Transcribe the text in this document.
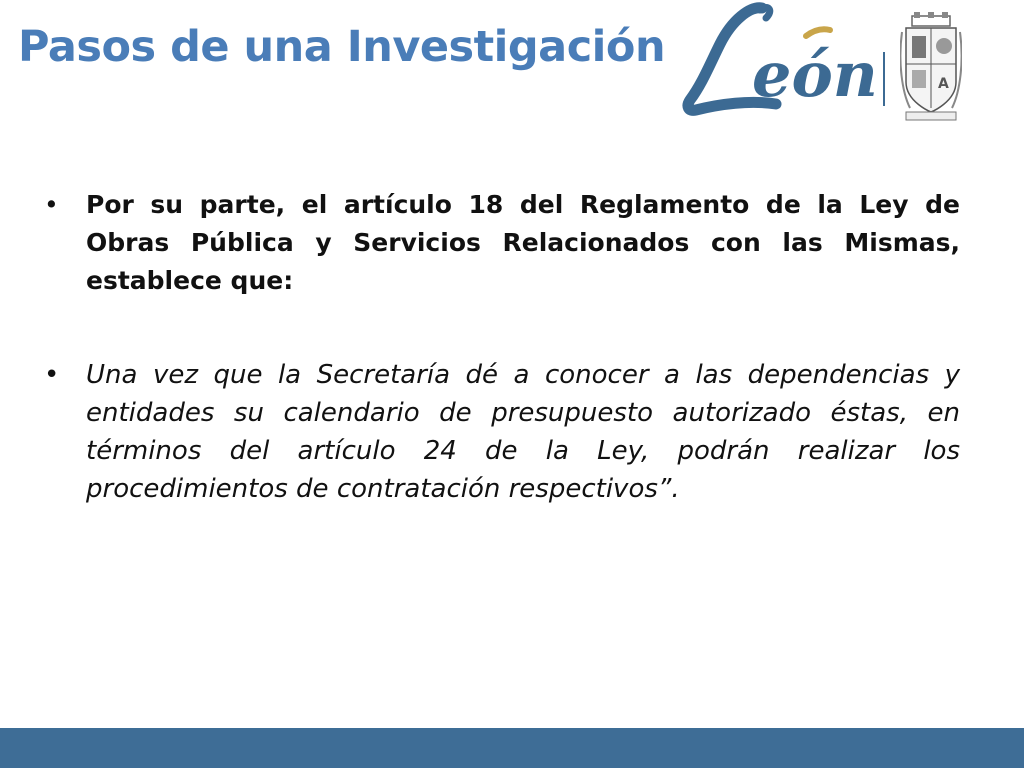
Pasos de una Investigación eón	A
• Por su parte, el artículo 18 del Reglamento de la Ley de Obras Pública y Servicios Relacionados con las Mismas, establece que:
• Una vez que la Secretaría dé a conocer a las dependencias y entidades su calendario de presupuesto autorizado éstas, en términos del artículo 24 de la Ley, podrán realizar los procedimientos de contratación respectivos”.
